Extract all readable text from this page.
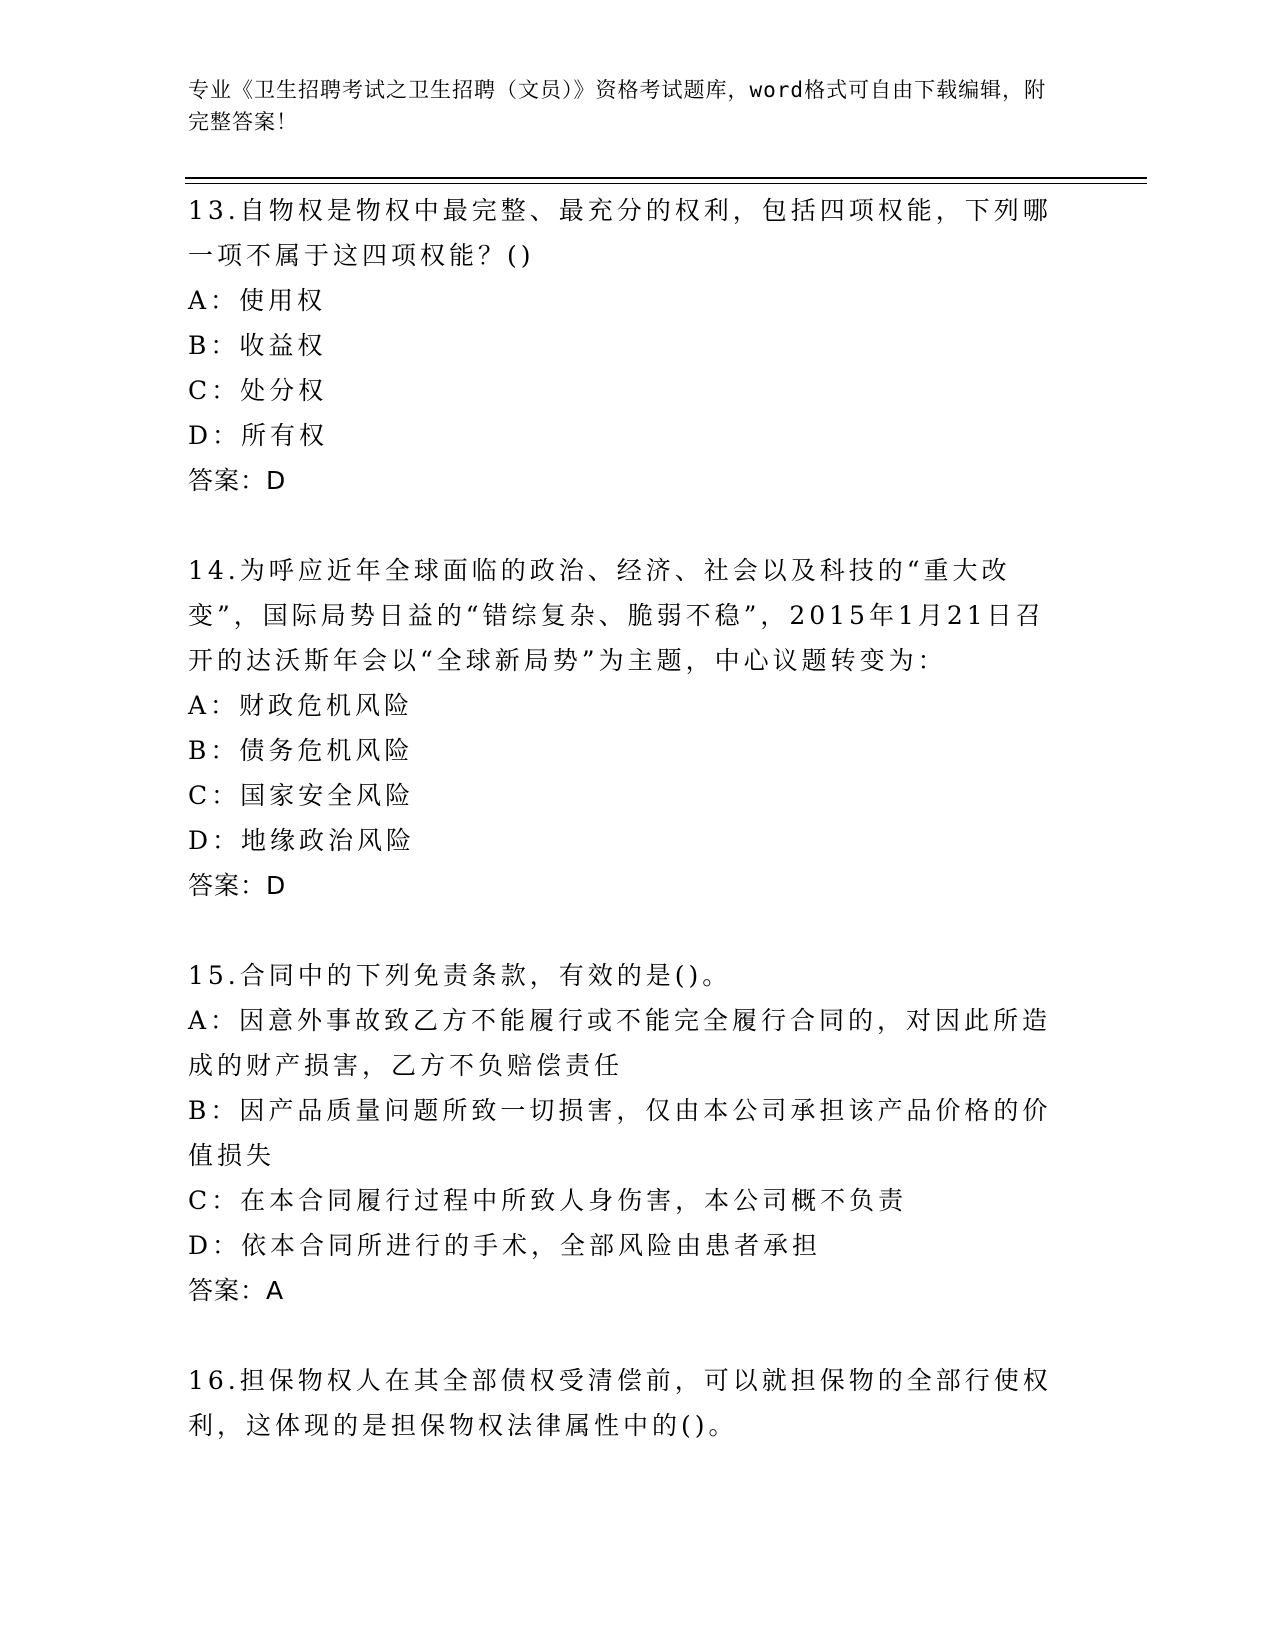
专业《卫生招聘考试之卫生招聘（文员）》资格考试题库，word格式可自由下载编辑，附完整答案！

13.自物权是物权中最完整、最充分的权利，包括四项权能，下列哪一项不属于这四项权能？()

A：使用权

B：收益权

C：处分权

D：所有权

答案：D

14.为呼应近年全球面临的政治、经济、社会以及科技的“重大改变”，国际局势日益的“错综复杂、脆弱不稳”，2015年1月21日召开的达沃斯年会以“全球新局势”为主题，中心议题转变为：

A：财政危机风险

B：债务危机风险

C：国家安全风险

D：地缘政治风险

答案：D

15.合同中的下列免责条款，有效的是()。

A：因意外事故致乙方不能履行或不能完全履行合同的，对因此所造成的财产损害，乙方不负赔偿责任

B：因产品质量问题所致一切损害，仅由本公司承担该产品价格的价值损失

C：在本合同履行过程中所致人身伤害，本公司概不负责

D：依本合同所进行的手术，全部风险由患者承担

答案：A

16.担保物权人在其全部债权受清偿前，可以就担保物的全部行使权利，这体现的是担保物权法律属性中的()。
